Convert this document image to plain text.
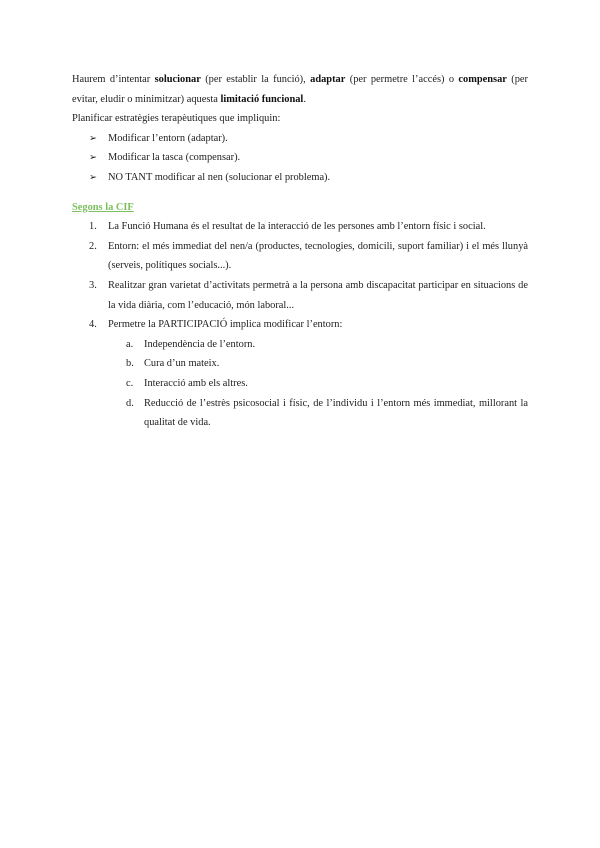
Haurem d’intentar solucionar (per establir la funció), adaptar (per permetre l’accés) o compensar (per evitar, eludir o minimitzar) aquesta limitació funcional.

Planificar estratègies terapèutiques que impliquin:

➢ Modificar l’entorn (adaptar).
➢ Modificar la tasca (compensar).
➢ NO TANT modificar al nen (solucionar el problema).

Segons la CIF

1. La Funció Humana és el resultat de la interacció de les persones amb l’entorn físic i social.
2. Entorn: el més immediat del nen/a (productes, tecnologies, domicili, suport familiar) i el més llunyà (serveis, polítiques socials...).
3. Realitzar gran varietat d’activitats permetrà a la persona amb discapacitat participar en situacions de la vida diària, com l’educació, món laboral...
4. Permetre la PARTICIPACIÓ implica modificar l’entorn:
a. Independència de l’entorn.
b. Cura d’un mateix.
c. Interacció amb els altres.
d. Reducció de l’estrès psicosocial i físic, de l’individu i l’entorn més immediat, millorant la qualitat de vida.
